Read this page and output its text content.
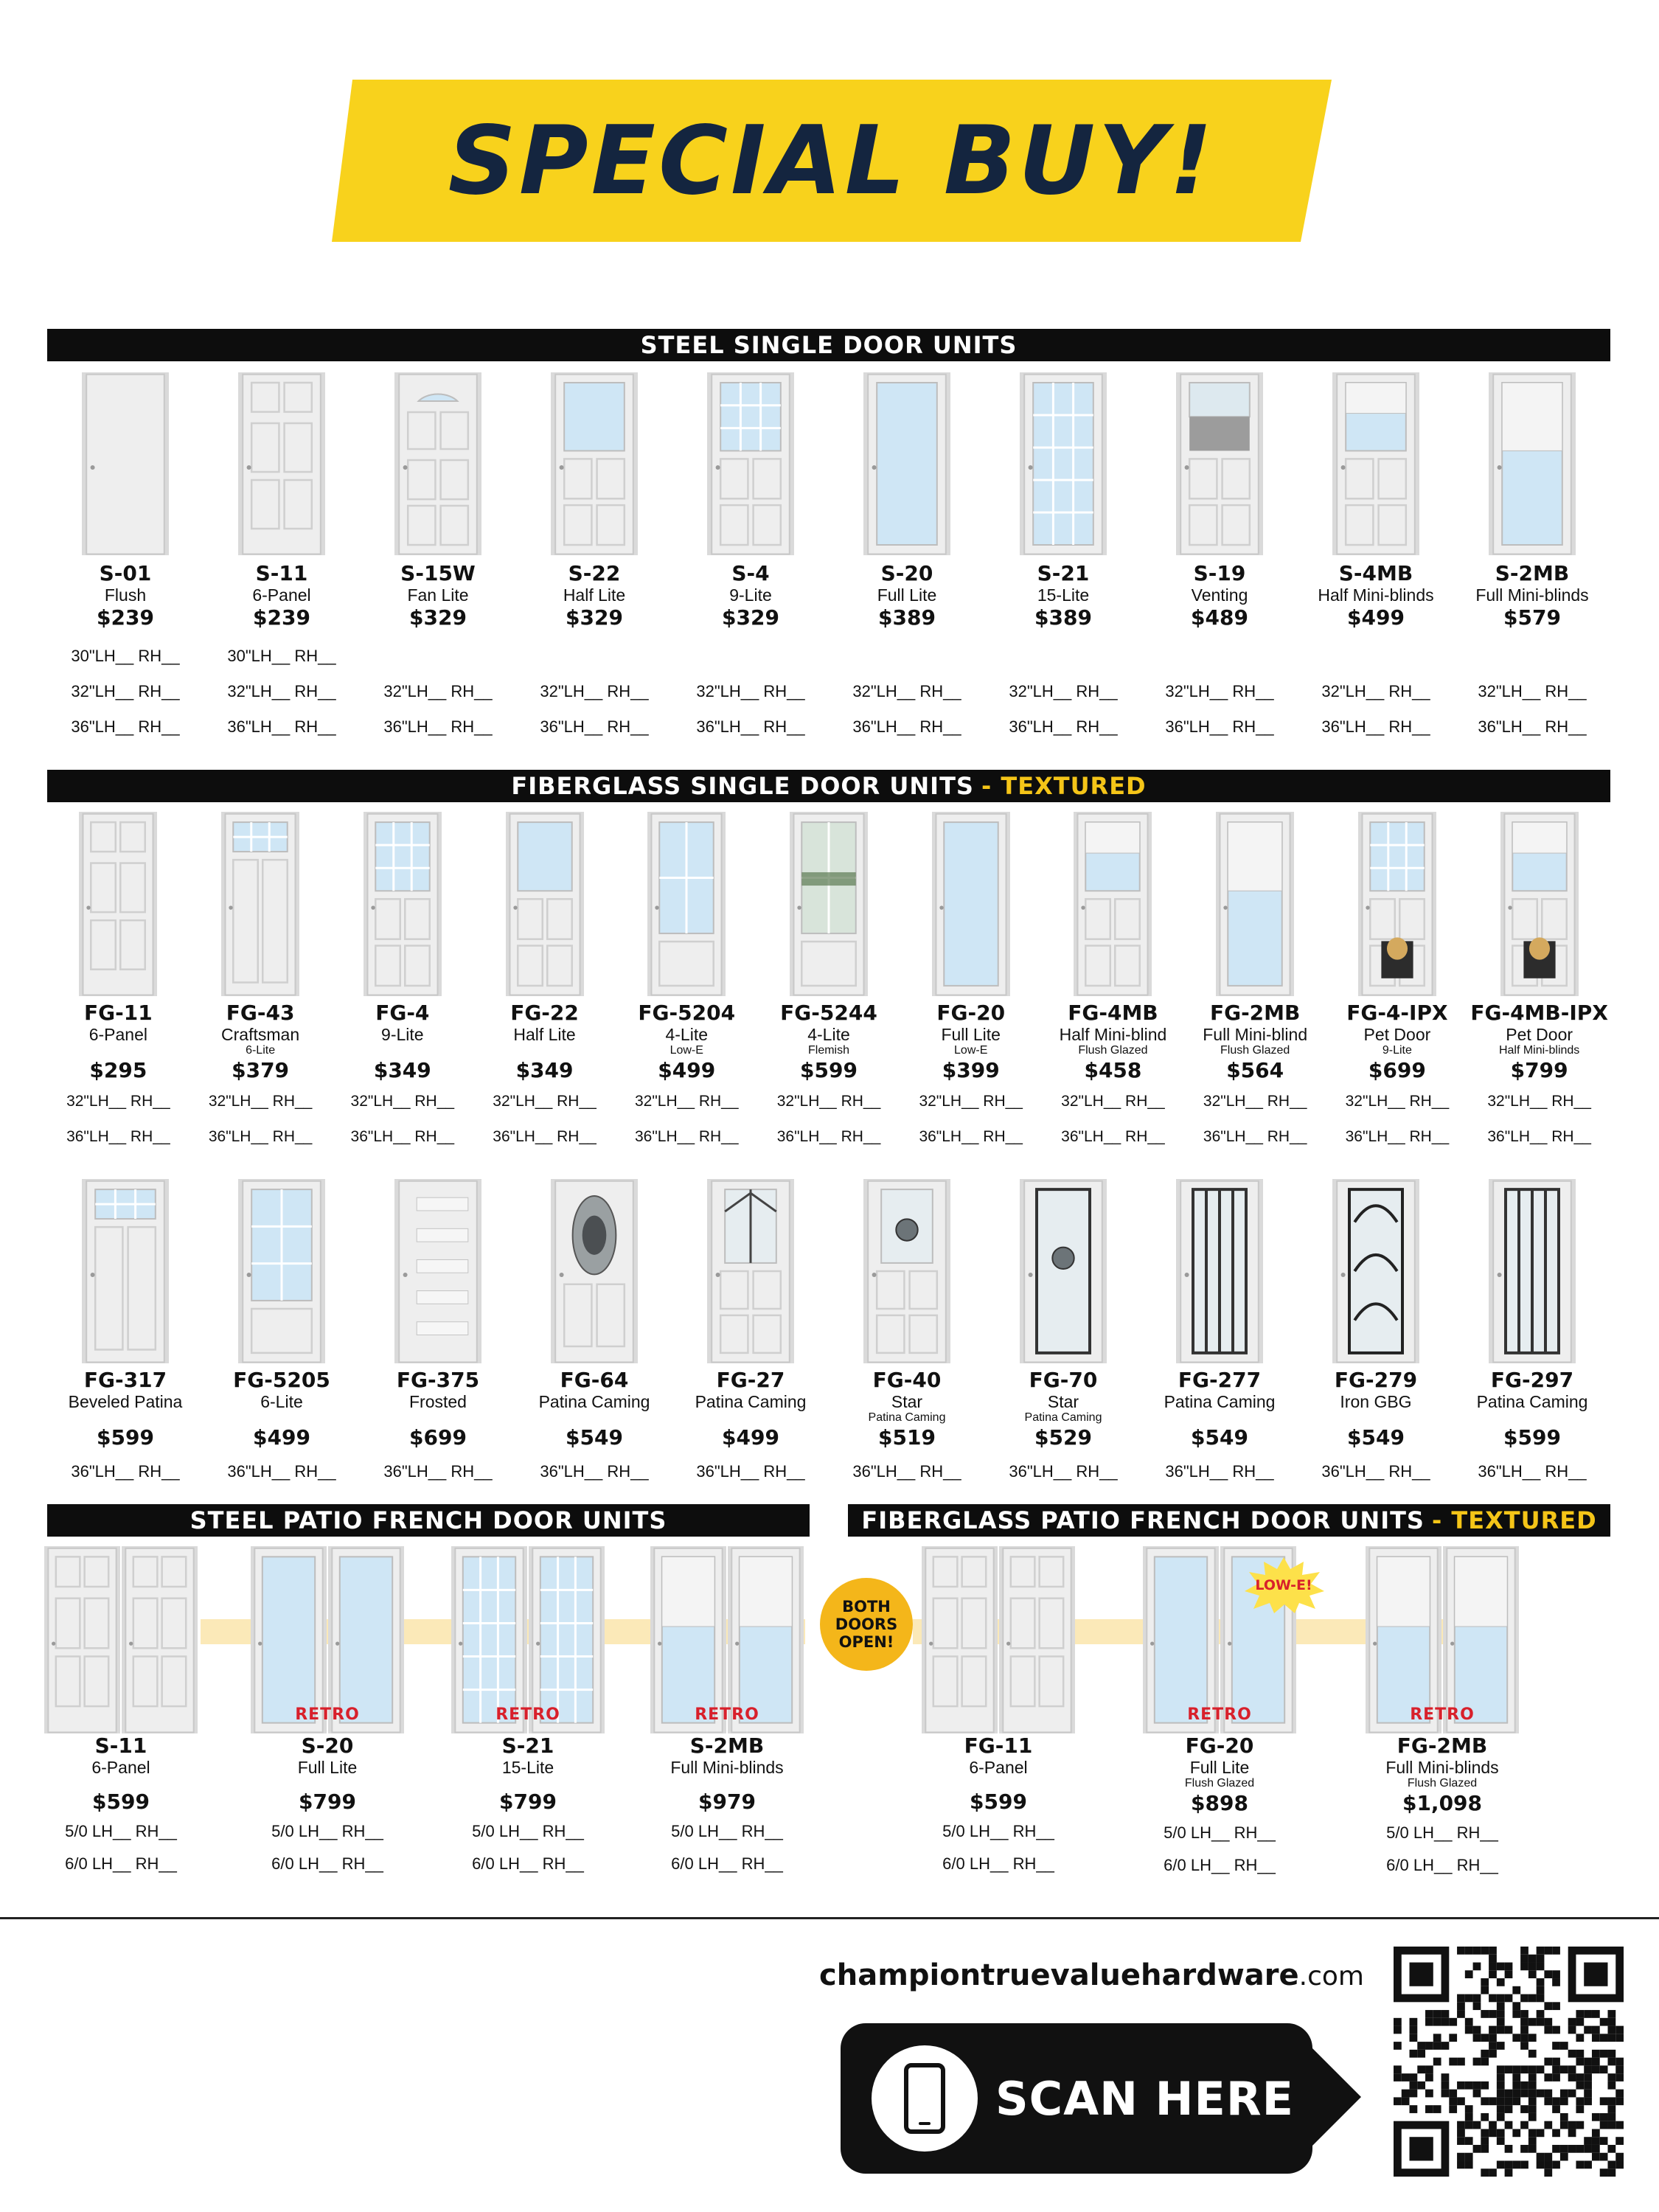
SPECIAL BUY!
STEEL SINGLE DOOR UNITS
FIBERGLASS SINGLE DOOR UNITS - TEXTURED
STEEL PATIO FRENCH DOOR UNITS	FIBERGLASS PATIO FRENCH DOOR UNITS - TEXTURED
S-01
Flush
$239
30"LH__ RH__
32"LH__ RH__
36"LH__ RH__
S-11
6-Panel
$239
30"LH__ RH__
32"LH__ RH__
36"LH__ RH__
S-15W
Fan Lite
$329
32"LH__ RH__
36"LH__ RH__
S-22
Half Lite
$329
32"LH__ RH__
36"LH__ RH__
S-4
9-Lite
$329
32"LH__ RH__
36"LH__ RH__
S-20
Full Lite
$389
32"LH__ RH__
36"LH__ RH__
S-21
15-Lite
$389
32"LH__ RH__
36"LH__ RH__
S-19
Venting
$489
32"LH__ RH__
36"LH__ RH__
S-4MB
Half Mini-blinds
$499
32"LH__ RH__
36"LH__ RH__
S-2MB
Full Mini-blinds
$579
32"LH__ RH__
36"LH__ RH__
FG-11
6-Panel
$295
32"LH__ RH__
36"LH__ RH__
FG-43
Craftsman
6-Lite
$379
32"LH__ RH__
36"LH__ RH__
FG-4
9-Lite
$349
32"LH__ RH__
36"LH__ RH__
FG-22
Half Lite
$349
32"LH__ RH__
36"LH__ RH__
FG-5204
4-Lite
Low-E
$499
32"LH__ RH__
36"LH__ RH__
FG-5244
4-Lite
Flemish
$599
32"LH__ RH__
36"LH__ RH__
FG-20
Full Lite
Low-E
$399
32"LH__ RH__
36"LH__ RH__
FG-4MB
Half Mini-blind
Flush Glazed
$458
32"LH__ RH__
36"LH__ RH__
FG-2MB
Full Mini-blind
Flush Glazed
$564
32"LH__ RH__
36"LH__ RH__
FG-4-IPX
Pet Door
9-Lite
$699
32"LH__ RH__
36"LH__ RH__
FG-4MB-IPX
Pet Door
Half Mini-blinds
$799
32"LH__ RH__
36"LH__ RH__
FG-317
Beveled Patina
$599
36"LH__ RH__
FG-5205
6-Lite
$499
36"LH__ RH__
FG-375
Frosted
$699
36"LH__ RH__
FG-64
Patina Caming
$549
36"LH__ RH__
FG-27
Patina Caming
$499
36"LH__ RH__
FG-40
Star
Patina Caming
$519
36"LH__ RH__
FG-70
Star
Patina Caming
$529
36"LH__ RH__
FG-277
Patina Caming
$549
36"LH__ RH__
FG-279
Iron GBG
$549
36"LH__ RH__
FG-297
Patina Caming
$599
36"LH__ RH__
S-11
6-Panel
$599
5/0 LH__ RH__
6/0 LH__ RH__
RETRO
S-20
Full Lite
$799
5/0 LH__ RH__
6/0 LH__ RH__
RETRO
S-21
15-Lite
$799
5/0 LH__ RH__
6/0 LH__ RH__
RETRO
S-2MB
Full Mini-blinds
$979
5/0 LH__ RH__
6/0 LH__ RH__
FG-11
6-Panel
$599
5/0 LH__ RH__
6/0 LH__ RH__
RETRO
FG-20
Full Lite
Flush Glazed
$898
5/0 LH__ RH__
6/0 LH__ RH__
RETRO
FG-2MB
Full Mini-blinds
Flush Glazed
$1,098
5/0 LH__ RH__
6/0 LH__ RH__
BOTH
DOORS
OPEN!
LOW-E!
championtruevaluehardware.com
SCAN HERE
